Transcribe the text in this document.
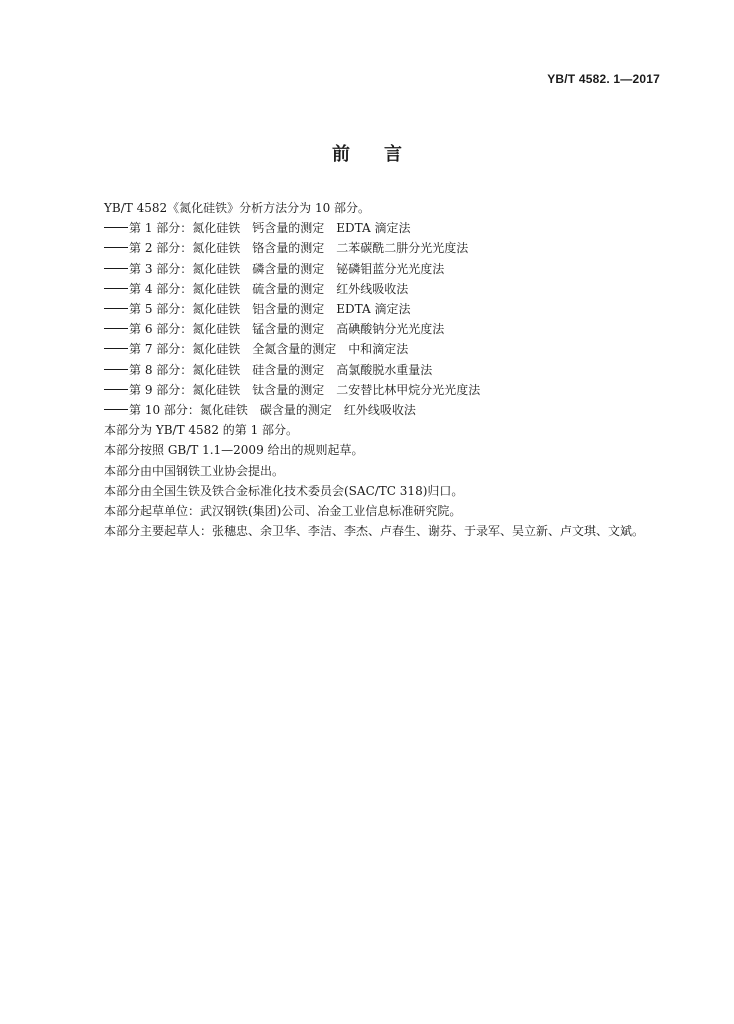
YB/T 4582. 1—2017
前言
YB/T 4582《氮化硅铁》分析方法分为 10 部分。
第 1 部分：氮化硅铁 钙含量的测定 EDTA 滴定法
第 2 部分：氮化硅铁 铬含量的测定 二苯碳酰二肼分光光度法
第 3 部分：氮化硅铁 磷含量的测定 铋磷钼蓝分光光度法
第 4 部分：氮化硅铁 硫含量的测定 红外线吸收法
第 5 部分：氮化硅铁 铝含量的测定 EDTA 滴定法
第 6 部分：氮化硅铁 锰含量的测定 高碘酸钠分光光度法
第 7 部分：氮化硅铁 全氮含量的测定 中和滴定法
第 8 部分：氮化硅铁 硅含量的测定 高氯酸脱水重量法
第 9 部分：氮化硅铁 钛含量的测定 二安替比林甲烷分光光度法
第 10 部分：氮化硅铁 碳含量的测定 红外线吸收法
本部分为 YB/T 4582 的第 1 部分。
本部分按照 GB/T 1.1—2009 给出的规则起草。
本部分由中国钢铁工业协会提出。
本部分由全国生铁及铁合金标准化技术委员会(SAC/TC 318)归口。
本部分起草单位：武汉钢铁(集团)公司、冶金工业信息标准研究院。
本部分主要起草人：张穗忠、余卫华、李洁、李杰、卢春生、谢芬、于录军、吴立新、卢文琪、文斌。
